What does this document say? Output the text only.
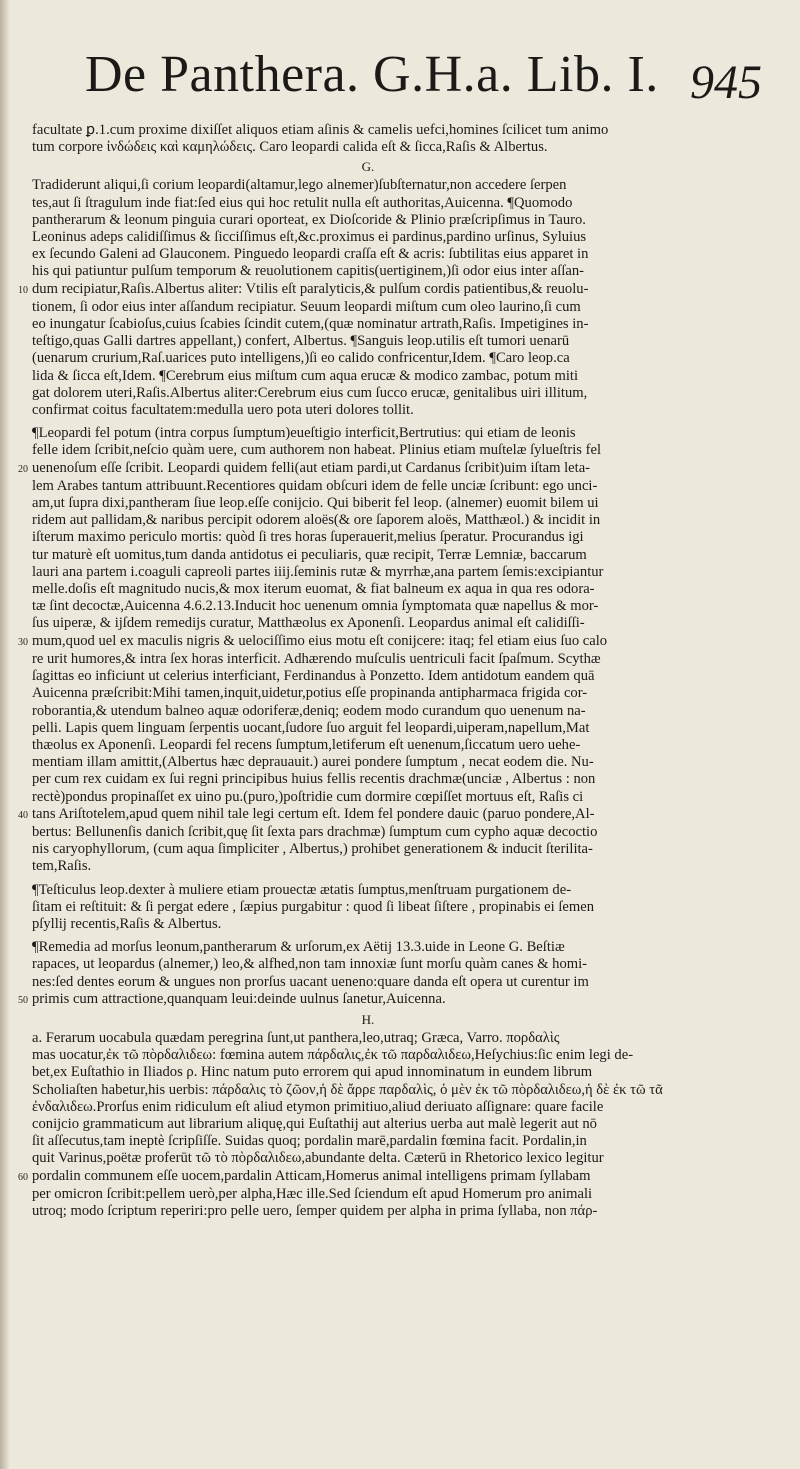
De Panthera. G.H.a. Lib. I. 945
facultate ꝑ.1.cum proxime dixiſſet aliquos etiam aſinis & camelis uefci,homines ſcilicet tum animo
tum corpore ἰνδώδεις καὶ καμηλώδεις. Caro leopardi calida eſt & ſicca,Raſis & Albertus.
G.
Tradiderunt aliqui,ſi corium leopardi(altamur,lego alnemer)ſubſternatur,non accedere ſerpen
tes,aut ſi ſtragulum inde fiat:ſed eius qui hoc retulit nulla eſt authoritas,Auicenna. ¶Quomodo
pantherarum & leonum pinguia curari oporteat, ex Dioſcoride & Plinio præſcripſimus in Tauro.
Leoninus adeps calidiſſimus & ſicciſſimus eſt,&c.proximus ei pardinus,pardino urſinus, Syluius
ex ſecundo Galeni ad Glauconem. Pinguedo leopardi craſſa eſt & acris: ſubtilitas eius apparet in
his qui patiuntur pulſum temporum & reuolutionem capitis(uertiginem,)ſi odor eius inter aſſan-
10 dum recipiatur,Raſis.Albertus aliter: Vtilis eſt paralyticis,& pulſum cordis patientibus,& reuolu-
tionem, ſi odor eius inter aſſandum recipiatur. Seuum leopardi miſtum cum oleo laurino,ſi cum
eo inungatur ſcabioſus,cuius ſcabies ſcindit cutem,(quæ nominatur artrath,Raſis. Impetigines in-
teſtigo,quas Galli dartres appellant,) confert, Albertus. ¶Sanguis leop.utilis eſt tumori uenarū
(uenarum crurium,Raſ.uarices puto intelligens,)ſi eo calido confricentur,Idem. ¶Caro leop.ca
lida & ſicca eſt,Idem. ¶Cerebrum eius miſtum cum aqua erucæ & modico zambac, potum miti
gat dolorem uteri,Raſis.Albertus aliter:Cerebrum eius cum ſucco erucæ, genitalibus uiri illitum,
confirmat coitus facultatem:medulla uero pota uteri dolores tollit.
¶Leopardi fel potum (intra corpus ſumptum)eueſtigio interficit,Bertrutius: qui etiam de leonis
felle idem ſcribit,neſcio quàm uere, cum authorem non habeat. Plinius etiam muſtelæ ſylueſtris fel
20 uenenoſum eſſe ſcribit. Leopardi quidem felli(aut etiam pardi,ut Cardanus ſcribit)uim iſtam leta-
lem Arabes tantum attribuunt.Recentiores quidam obſcuri idem de felle unciæ ſcribunt: ego unci-
am,ut ſupra dixi,pantheram ſiue leop.eſſe conijcio. Qui biberit fel leop. (alnemer) euomit bilem ui
ridem aut pallidam,& naribus percipit odorem aloës(& ore ſaporem aloës, Matthæol.) & incidit in
iſterum maximo periculo mortis: quòd ſi tres horas ſuperauerit,melius ſperatur. Procurandus igi
tur maturè eſt uomitus,tum danda antidotus ei peculiaris, quæ recipit, Terræ Lemniæ, baccarum
lauri ana partem i.coaguli capreoli partes iiij.ſeminis rutæ & myrrhæ,ana partem ſemis:excipiantur
melle.doſis eſt magnitudo nucis,& mox iterum euomat, & fiat balneum ex aqua in qua res odora-
tæ ſint decoctæ,Auicenna 4.6.2.13.Inducit hoc uenenum omnia ſymptomata quæ napellus & mor-
ſus uiperæ, & ijſdem remedijs curatur, Matthæolus ex Aponenſi. Leopardus animal eſt calidiſſi-
30 mum,quod uel ex maculis nigris & uelociſſimo eius motu eſt conijcere: itaq; fel etiam eius ſuo calo
re urit humores,& intra ſex horas interficit. Adhærendo muſculis uentriculi facit ſpaſmum. Scythæ
ſagittas eo inficiunt ut celerius interficiant, Ferdinandus à Ponzetto. Idem antidotum eandem quā
Auicenna præſcribit:Mihi tamen,inquit,uidetur,potius eſſe propinanda antipharmaca frigida cor-
roborantia,& utendum balneo aquæ odoriferæ,deniq; eodem modo curandum quo uenenum na-
pelli. Lapis quem linguam ſerpentis uocant,ſudore ſuo arguit fel leopardi,uiperam,napellum,Mat
thæolus ex Aponenſi. Leopardi fel recens ſumptum,letiferum eſt uenenum,ſiccatum uero uehe-
mentiam illam amittit,(Albertus hæc deprauauit.) aurei pondere ſumptum , necat eodem die. Nu-
per cum rex cuidam ex ſui regni principibus huius fellis recentis drachmæ(unciæ , Albertus : non
rectè)pondus propinaſſet ex uino pu.(puro,)poſtridie cum dormire cœpiſſet mortuus eſt, Raſis ci
40 tans Ariſtotelem,apud quem nihil tale legi certum eſt. Idem fel pondere dauic (paruo pondere,Al-
bertus: Bellunenſis danich ſcribit,quę ſit ſexta pars drachmæ) ſumptum cum cypho aquæ decoctio
nis caryophyllorum, (cum aqua ſimpliciter , Albertus,) prohibet generationem & inducit ſterilita-
tem,Raſis.
¶Teſticulus leop.dexter à muliere etiam prouectæ ætatis ſumptus,menſtruam purgationem de-
ſitam ei reſtituit: & ſi pergat edere , ſæpius purgabitur : quod ſi libeat ſiſtere , propinabis ei ſemen
pſyllij recentis,Raſis & Albertus.
¶Remedia ad morſus leonum,pantherarum & urſorum,ex Aëtij 13.3.uide in Leone G. Beſtiæ
rapaces, ut leopardus (alnemer,) leo,& alfhed,non tam innoxiæ ſunt morſu quàm canes & homi-
nes:ſed dentes eorum & ungues non prorſus uacant ueneno:quare danda eſt opera ut curentur im
50 primis cum attractione,quanquam leui:deinde uulnus ſanetur,Auicenna.
H.
a. Ferarum uocabula quædam peregrina ſunt,ut panthera,leo,utraq; Græca, Varro. πορδαλὶς
mas uocatur,ἐκ τῶ πὸρδαλιδεω: fœmina autem πάρδαλις,ἐκ τῶ παρδαλιδεω,Heſychius:ſic enim legi de-
bet,ex Euſtathio in Iliados ρ. Hinc natum puto errorem qui apud innominatum in eundem librum
Scholiaſten habetur,his uerbis: πάρδαλις τὸ ζῶον,ἡ δὲ ἄρρε παρδαλὶς, ὁ μὲν ἐκ τῶ πὸρδαλιδεω,ἡ δὲ ἐκ τῶ τᾶ
ἐνδαλιδεω.Prorſus enim ridiculum eſt aliud etymon primitiuo,aliud deriuato aſſignare: quare facile
conijcio grammaticum aut librarium aliquę,qui Euſtathij aut alterius uerba aut malè legerit aut nō
ſit aſſecutus,tam ineptè ſcripſiſſe. Suidas quoq; pordalin marē,pardalin fœmina facit. Pordalin,in
quit Varinus,poëtæ proferūt τῶ τὸ πὸρδαλιδεω,abundante delta. Cæterū in Rhetorico lexico legitur
60 pordalin communem eſſe uocem,pardalin Atticam,Homerus animal intelligens primam ſyllabam
per omicron ſcribit:pellem uerò,per alpha,Hæc ille.Sed ſciendum eſt apud Homerum pro animali
utroq; modo ſcriptum reperiri:pro pelle uero, ſemper quidem per alpha in prima ſyllaba, non πάρ-
